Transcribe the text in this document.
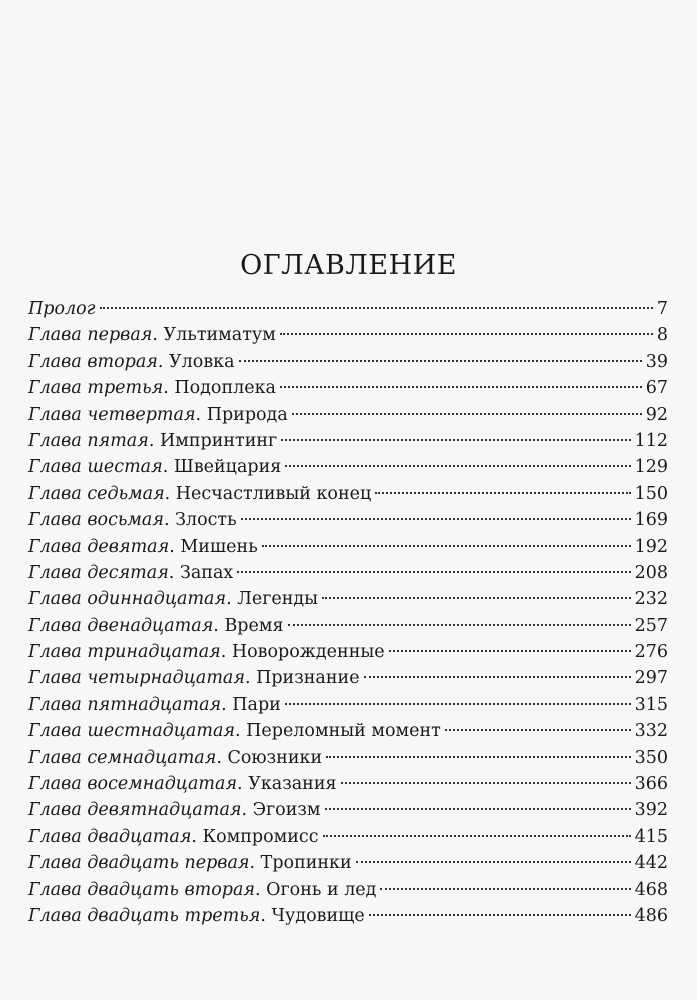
ОГЛАВЛЕНИЕ
Пролог	7
Глава первая. Ультиматум	8
Глава вторая. Уловка	39
Глава третья. Подоплека	67
Глава четвертая. Природа	92
Глава пятая. Импринтинг	112
Глава шестая. Швейцария	129
Глава седьмая. Несчастливый конец	150
Глава восьмая. Злость	169
Глава девятая. Мишень	192
Глава десятая. Запах	208
Глава одиннадцатая. Легенды	232
Глава двенадцатая. Время	257
Глава тринадцатая. Новорожденные	276
Глава четырнадцатая. Признание	297
Глава пятнадцатая. Пари	315
Глава шестнадцатая. Переломный момент	332
Глава семнадцатая. Союзники	350
Глава восемнадцатая. Указания	366
Глава девятнадцатая. Эгоизм	392
Глава двадцатая. Компромисс	415
Глава двадцать первая. Тропинки	442
Глава двадцать вторая. Огонь и лед	468
Глава двадцать третья. Чудовище	486
